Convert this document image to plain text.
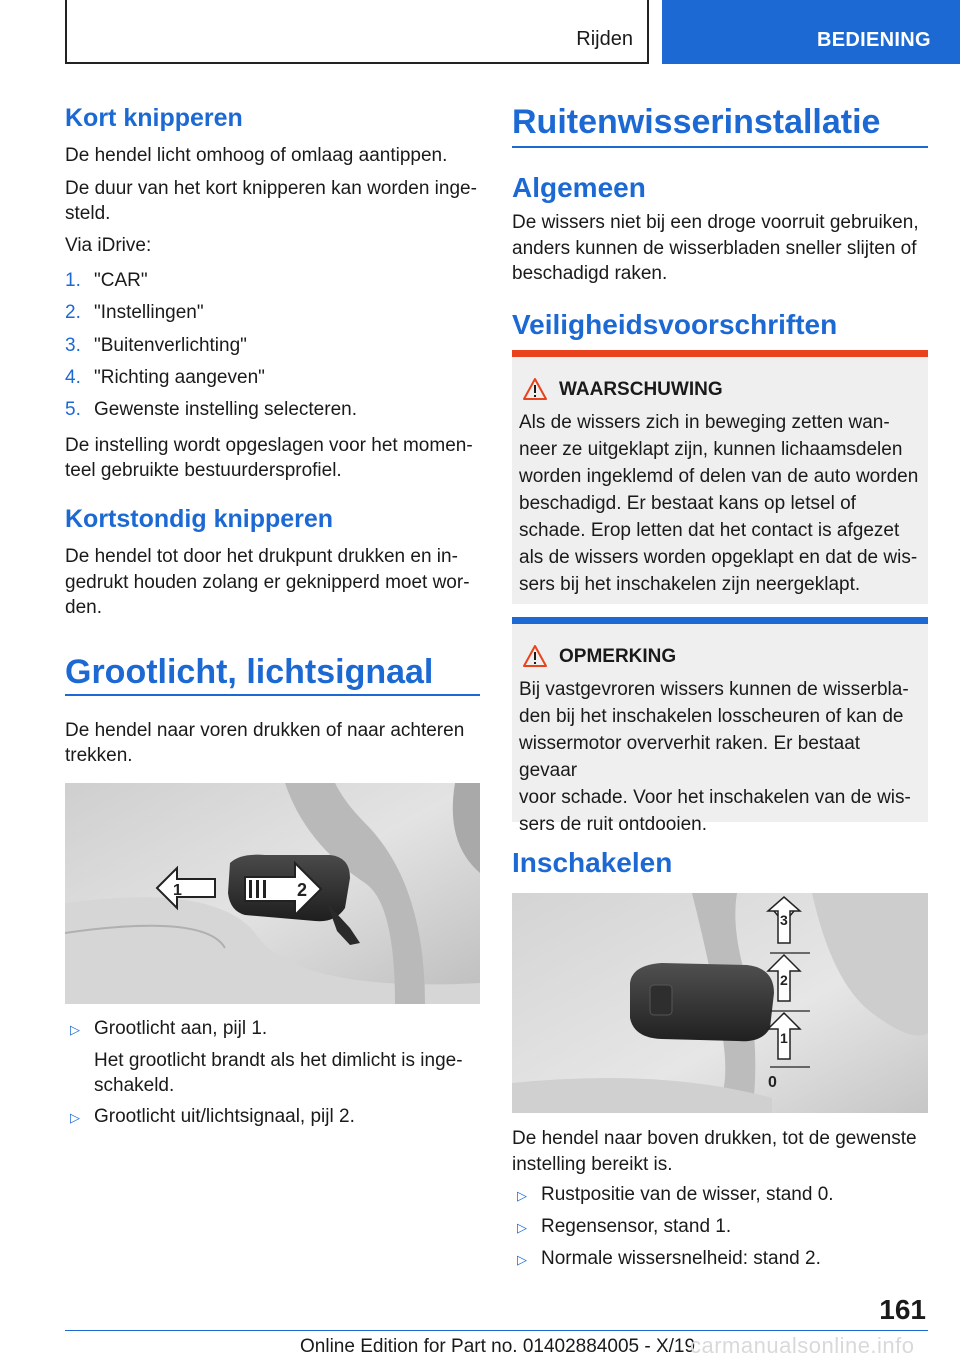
Rijden	BEDIENING
Kort knipperen

De hendel licht omhoog of omlaag aantippen.

De duur van het kort knipperen kan worden inge-

steld.

Via iDrive:

1. "CAR"
2. "Instellingen"
3. "Buitenverlichting"
4. "Richting aangeven"
5. Gewenste instelling selecteren.

De instelling wordt opgeslagen voor het momen-

teel gebruikte bestuurdersprofiel.

Kortstondig knipperen

De hendel tot door het drukpunt drukken en in-

gedrukt houden zolang er geknipperd moet wor-

den.

Grootlicht, lichtsignaal

De hendel naar voren drukken of naar achteren

trekken.

1	2
▷ Grootlicht aan, pijl 1.

Het grootlicht brandt als het dimlicht is inge-

schakeld.

▷ Grootlicht uit/lichtsignaal, pijl 2.
Ruitenwisserinstallatie
Algemeen

De wissers niet bij een droge voorruit gebruiken,

anders kunnen de wisserbladen sneller slijten of

beschadigd raken.

Veiligheidsvoorschriften
WAARSCHUWING
Als de wissers zich in beweging zetten wan-
neer ze uitgeklapt zijn, kunnen lichaamsdelen
worden ingeklemd of delen van de auto worden
beschadigd. Er bestaat kans op letsel of
schade. Erop letten dat het contact is afgezet
als de wissers worden opgeklapt en dat de wis-
sers bij het inschakelen zijn neergeklapt.
OPMERKING
Bij vastgevroren wissers kunnen de wisserbla-
den bij het inschakelen losscheuren of kan de
wissermotor oververhit raken. Er bestaat gevaar
voor schade. Voor het inschakelen van de wis-
sers de ruit ontdooien.
Inschakelen
3
2
1
0

De hendel naar boven drukken, tot de gewenste

instelling bereikt is.

▷ Rustpositie van de wisser, stand 0.
▷ Regensensor, stand 1.
▷ Normale wissersnelheid: stand 2.
161
Online Edition for Part no. 01402884005 - X/19
carmanualsonline.info
